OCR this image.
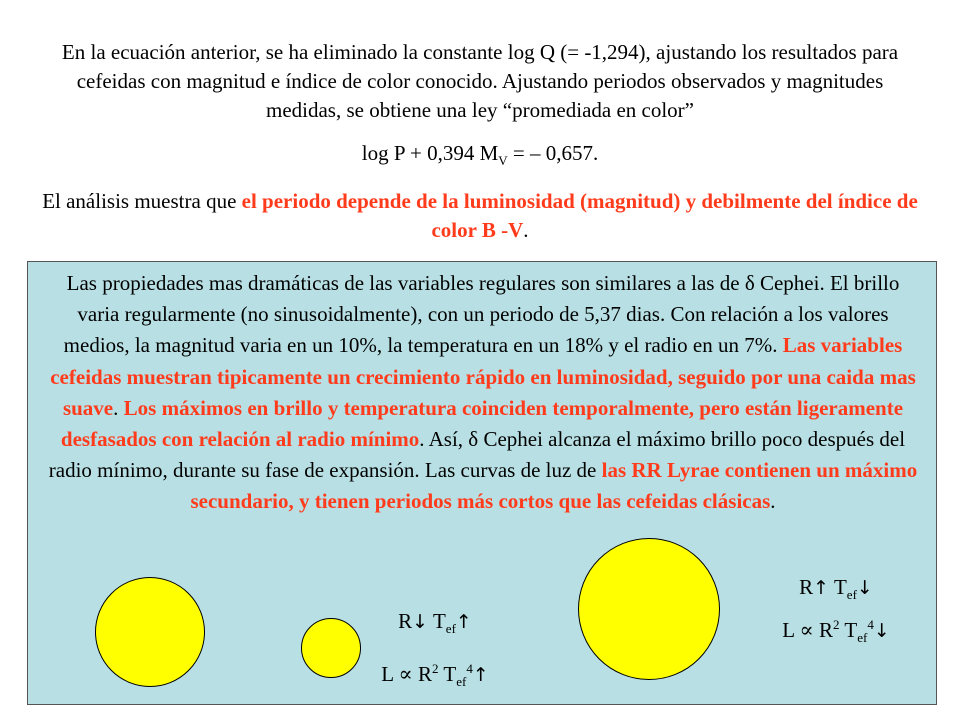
En la ecuación anterior, se ha eliminado la constante log Q (= -1,294), ajustando los resultados para cefeidas con magnitud e índice de color conocido. Ajustando periodos observados y magnitudes medidas, se obtiene una ley “promediada en color”

log P + 0,394 $M_V$ = – 0,657.

El análisis muestra que el periodo depende de la luminosidad (magnitud) y debilmente del índice de color B -V.

Las propiedades mas dramáticas de las variables regulares son similares a las de δ Cephei. El brillo varia regularmente (no sinusoidalmente), con un periodo de 5,37 dias. Con relación a los valores medios, la magnitud varia en un 10%, la temperatura en un 18% y el radio en un 7%. Las variables cefeidas muestran tipicamente un crecimiento rápido en luminosidad, seguido por una caida mas suave. Los máximos en brillo y temperatura coinciden temporalmente, pero están ligeramente desfasados con relación al radio mínimo. Así, δ Cephei alcanza el máximo brillo poco después del radio mínimo, durante su fase de expansión. Las curvas de luz de las RR Lyrae contienen un máximo secundario, y tienen periodos más cortos que las cefeidas clásicas.

R↓ $T_{ef}↑$
$L \propto R^2$ $T_{ef}^4↑$
R↑ $T_{ef}↓$
$L \propto R^2$ $T_{ef}^4↓$
